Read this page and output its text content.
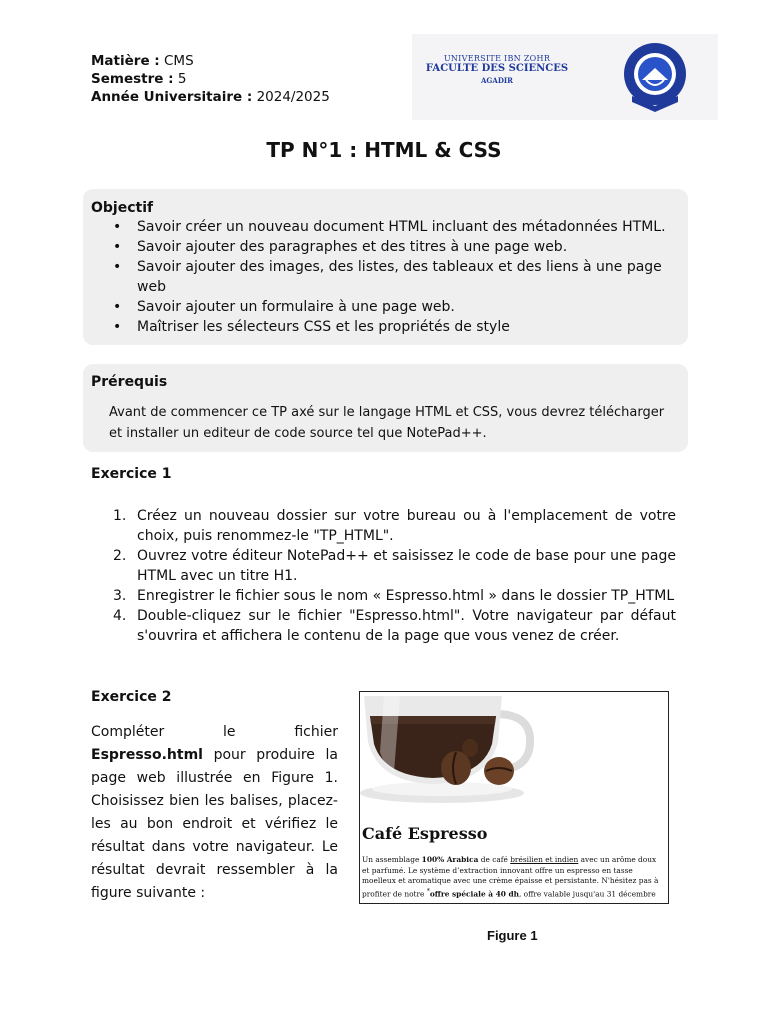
Matière : CMS
Semestre : 5
Année Universitaire : 2024/2025
UNIVERSITE IBN ZOHR
FACULTE DES SCIENCES
AGADIR
TP N°1 : HTML & CSS
Objectif
• Savoir créer un nouveau document HTML incluant des métadonnées HTML.
• Savoir ajouter des paragraphes et des titres à une page web.
• Savoir ajouter des images, des listes, des tableaux et des liens à une page web
• Savoir ajouter un formulaire à une page web.
• Maîtriser les sélecteurs CSS et les propriétés de style
Prérequis
Avant de commencer ce TP axé sur le langage HTML et CSS, vous devrez télécharger et installer un editeur de code source tel que NotePad++.
Exercice 1
1. Créez un nouveau dossier sur votre bureau ou à l'emplacement de votre choix, puis renommez-le "TP_HTML".
2. Ouvrez votre éditeur NotePad++ et saisissez le code de base pour une page HTML avec un titre H1.
3. Enregistrer le fichier sous le nom « Espresso.html » dans le dossier TP_HTML
4. Double-cliquez sur le fichier "Espresso.html". Votre navigateur par défaut s'ouvrira et affichera le contenu de la page que vous venez de créer.
Exercice 2
Compléter le fichier Espresso.html pour produire la page web illustrée en Figure 1. Choisissez bien les balises, placez-les au bon endroit et vérifiez le résultat dans votre navigateur. Le résultat devrait ressembler à la figure suivante :
Café Espresso
Un assemblage 100% Arabica de café brésilien et indien avec un arôme doux et parfumé. Le système d’extraction innovant offre un espresso en tasse moelleux et aromatique avec une crème épaisse et persistante. N'hésitez pas à profiter de notre *offre spéciale à 40 dh, offre valable jusqu'au 31 décembre
Figure 1
